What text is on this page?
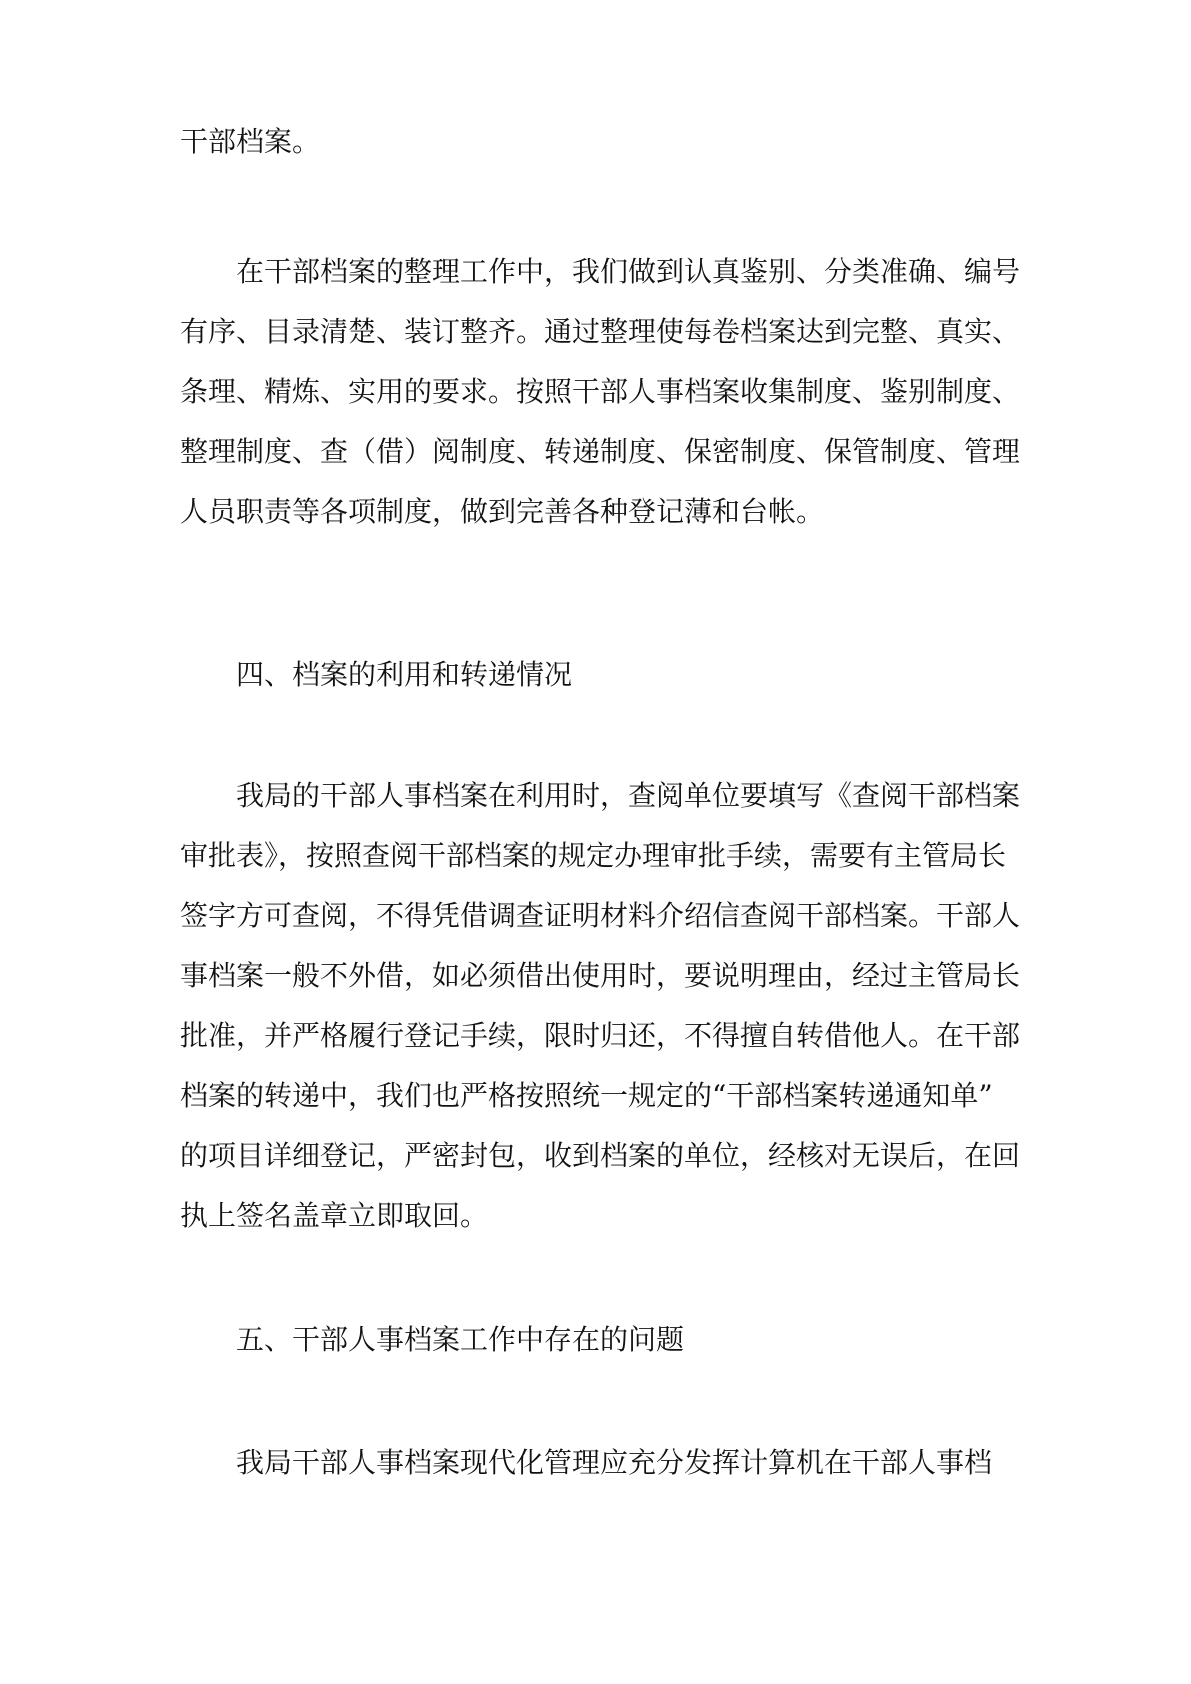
干部档案。

　　在干部档案的整理工作中，我们做到认真鉴别、分类准确、编号
有序、目录清楚、装订整齐。通过整理使每卷档案达到完整、真实、
条理、精炼、实用的要求。按照干部人事档案收集制度、鉴别制度、
整理制度、查（借）阅制度、转递制度、保密制度、保管制度、管理
人员职责等各项制度，做到完善各种登记薄和台帐。

　　四、档案的利用和转递情况

　　我局的干部人事档案在利用时，查阅单位要填写《查阅干部档案
审批表》，按照查阅干部档案的规定办理审批手续，需要有主管局长
签字方可查阅，不得凭借调查证明材料介绍信查阅干部档案。干部人
事档案一般不外借，如必须借出使用时，要说明理由，经过主管局长
批准，并严格履行登记手续，限时归还，不得擅自转借他人。在干部
档案的转递中，我们也严格按照统一规定的“干部档案转递通知单”
的项目详细登记，严密封包，收到档案的单位，经核对无误后，在回
执上签名盖章立即取回。

　　五、干部人事档案工作中存在的问题

　　我局干部人事档案现代化管理应充分发挥计算机在干部人事档
